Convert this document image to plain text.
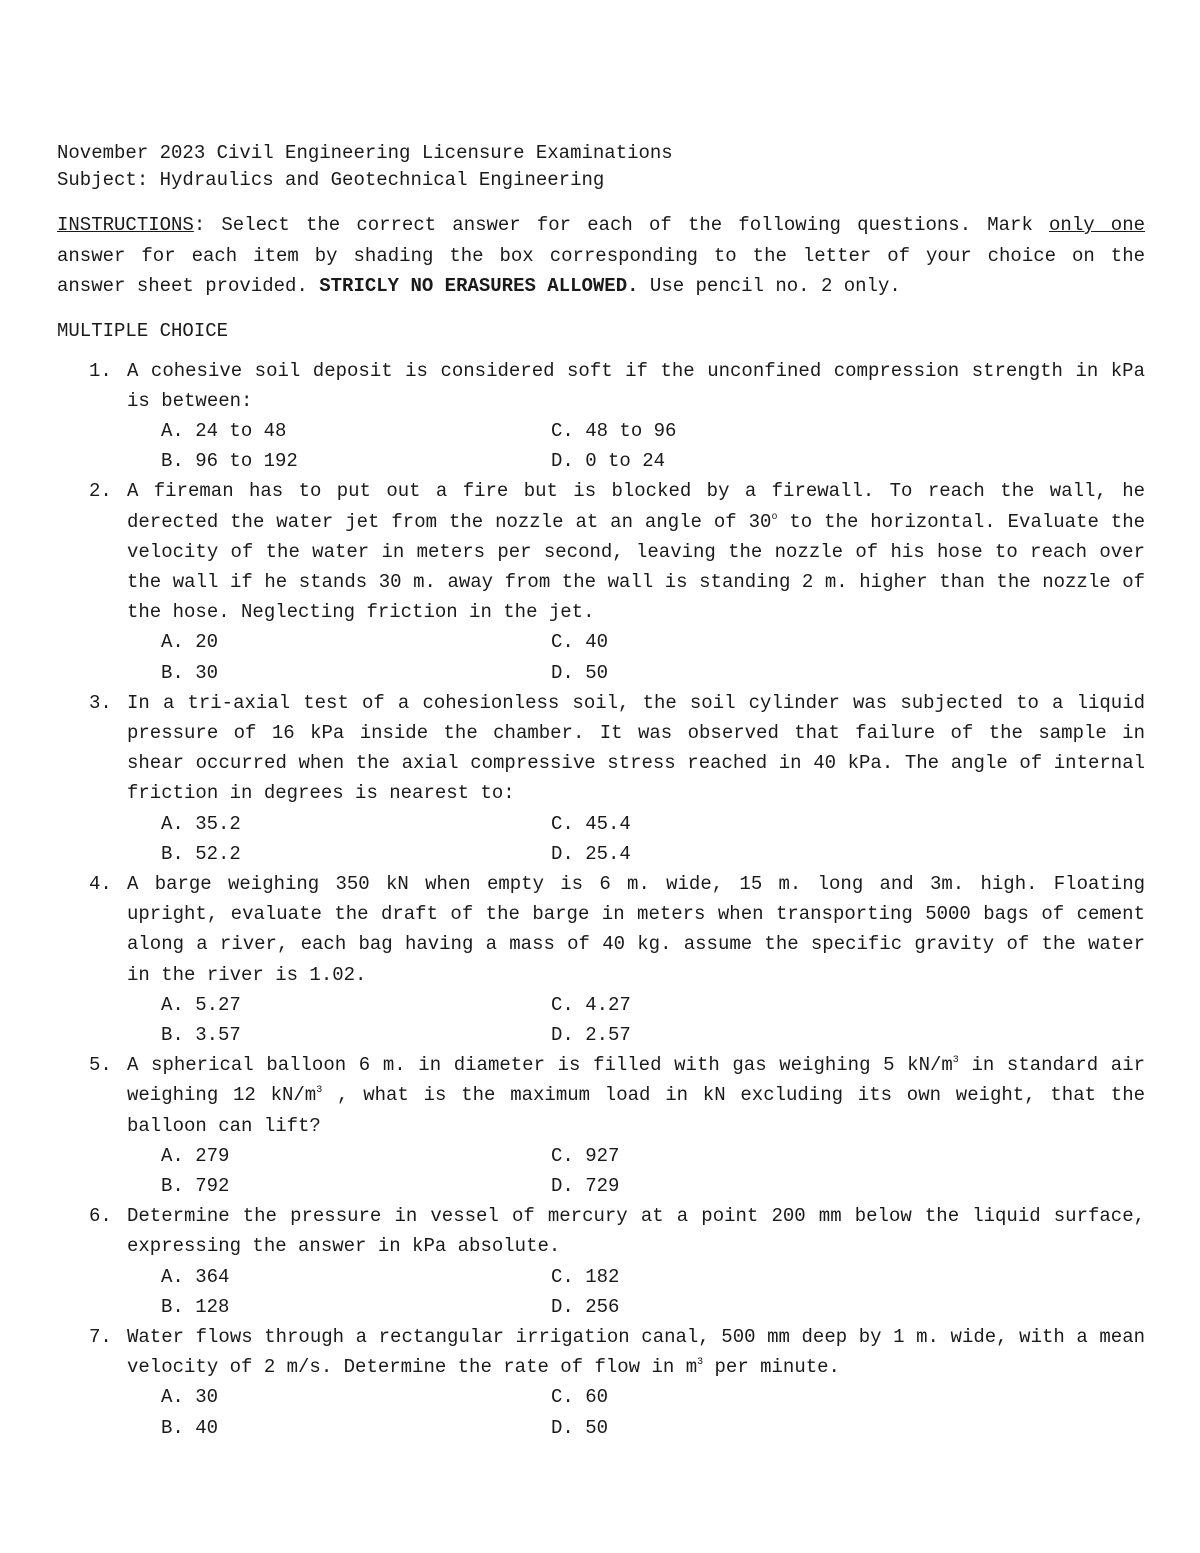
November 2023 Civil Engineering Licensure Examinations
Subject: Hydraulics and Geotechnical Engineering
INSTRUCTIONS: Select the correct answer for each of the following questions. Mark only one answer for each item by shading the box corresponding to the letter of your choice on the answer sheet provided. STRICLY NO ERASURES ALLOWED. Use pencil no. 2 only.
MULTIPLE CHOICE
1. A cohesive soil deposit is considered soft if the unconfined compression strength in kPa is between:
A. 24 to 48	C. 48 to 96
B. 96 to 192	D. 0 to 24
2. A fireman has to put out a fire but is blocked by a firewall. To reach the wall, he derected the water jet from the nozzle at an angle of 30$^o$ to the horizontal. Evaluate the velocity of the water in meters per second, leaving the nozzle of his hose to reach over the wall if he stands 30 m. away from the wall is standing 2 m. higher than the nozzle of the hose. Neglecting friction in the jet.
A. 20	C. 40
B. 30	D. 50
3. In a tri-axial test of a cohesionless soil, the soil cylinder was subjected to a liquid pressure of 16 kPa inside the chamber. It was observed that failure of the sample in shear occurred when the axial compressive stress reached in 40 kPa. The angle of internal friction in degrees is nearest to:
A. 35.2	C. 45.4
B. 52.2	D. 25.4
4. A barge weighing 350 kN when empty is 6 m. wide, 15 m. long and 3m. high. Floating upright, evaluate the draft of the barge in meters when transporting 5000 bags of cement along a river, each bag having a mass of 40 kg. assume the specific gravity of the water in the river is 1.02.
A. 5.27	C. 4.27
B. 3.57	D. 2.57
5. A spherical balloon 6 m. in diameter is filled with gas weighing 5 $kN/m^3$ in standard air weighing 12 $kN/m^3$ , what is the maximum load in kN excluding its own weight, that the balloon can lift?
A. 279	C. 927
B. 792	D. 729
6. Determine the pressure in vessel of mercury at a point 200 mm below the liquid surface, expressing the answer in kPa absolute.
A. 364	C. 182
B. 128	D. 256
7. Water flows through a rectangular irrigation canal, 500 mm deep by 1 m. wide, with a mean velocity of 2 m/s. Determine the rate of flow in $m^3$ per minute.
A. 30	C. 60
B. 40	D. 50
